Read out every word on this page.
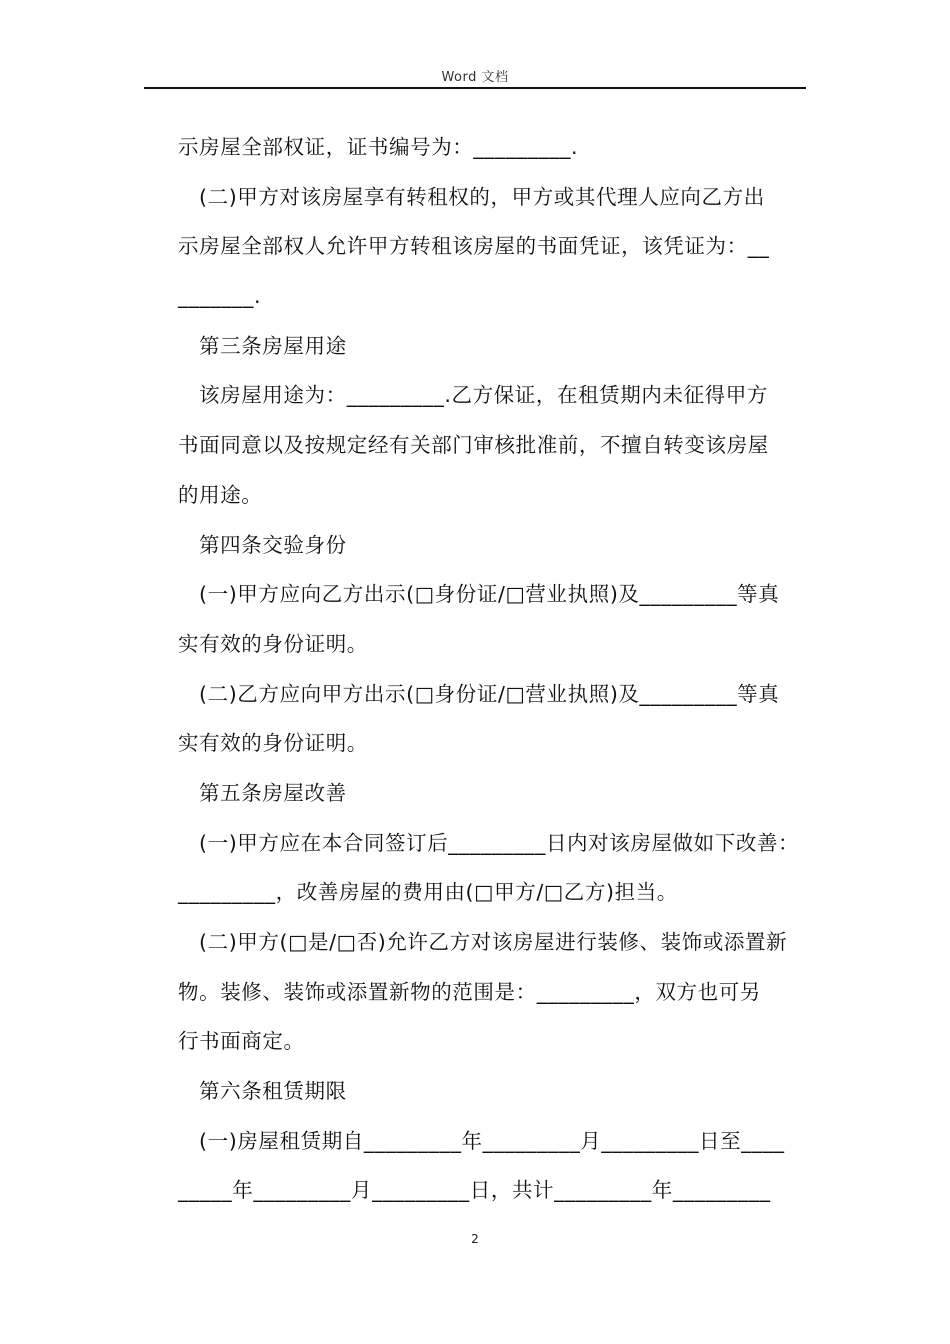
Word 文档
示房屋全部权证，证书编号为：_________.
(二)甲方对该房屋享有转租权的，甲方或其代理人应向乙方出
示房屋全部权人允许甲方转租该房屋的书面凭证，该凭证为：__
_______.
第三条房屋用途
该房屋用途为：_________.乙方保证，在租赁期内未征得甲方
书面同意以及按规定经有关部门审核批准前，不擅自转变该房屋
的用途。
第四条交验身份
(一)甲方应向乙方出示(□身份证/□营业执照)及_________等真
实有效的身份证明。
(二)乙方应向甲方出示(□身份证/□营业执照)及_________等真
实有效的身份证明。
第五条房屋改善
(一)甲方应在本合同签订后_________日内对该房屋做如下改善：
_________，改善房屋的费用由(□甲方/□乙方)担当。
(二)甲方(□是/□否)允许乙方对该房屋进行装修、装饰或添置新
物。装修、装饰或添置新物的范围是：_________，双方也可另
行书面商定。
第六条租赁期限
(一)房屋租赁期自_________年_________月_________日至____
_____年_________月_________日，共计_________年_________
2
